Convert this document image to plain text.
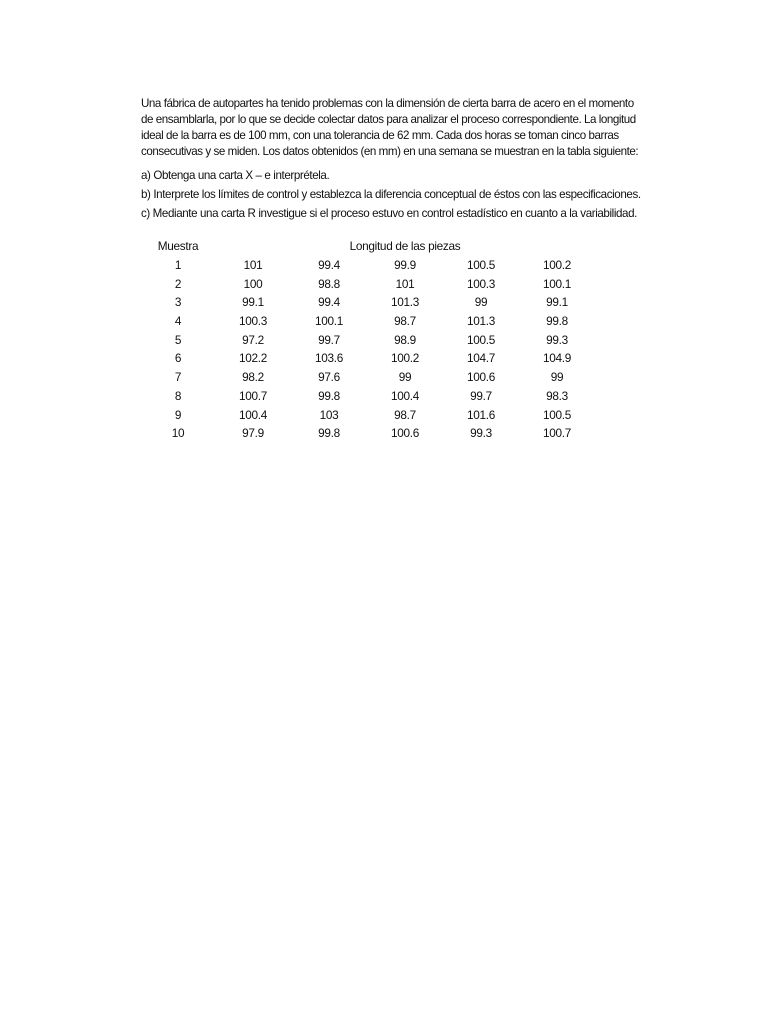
Una fábrica de autopartes ha tenido problemas con la dimensión de cierta barra de acero en el momento
de ensamblarla, por lo que se decide colectar datos para analizar el proceso correspondiente. La longitud
ideal de la barra es de 100 mm, con una tolerancia de 62 mm. Cada dos horas se toman cinco barras
consecutivas y se miden. Los datos obtenidos (en mm) en una semana se muestran en la tabla siguiente:
a) Obtenga una carta X – e interprétela.
b) Interprete los límites de control y establezca la diferencia conceptual de éstos con las especificaciones.
c) Mediante una carta R investigue si el proceso estuvo en control estadístico en cuanto a la variabilidad.
Muestra	Longitud de las piezas				
1	101	99.4	99.9	100.5	100.2
2	100	98.8	101	100.3	100.1
3	99.1	99.4	101.3	99	99.1
4	100.3	100.1	98.7	101.3	99.8
5	97.2	99.7	98.9	100.5	99.3
6	102.2	103.6	100.2	104.7	104.9
7	98.2	97.6	99	100.6	99
8	100.7	99.8	100.4	99.7	98.3
9	100.4	103	98.7	101.6	100.5
10	97.9	99.8	100.6	99.3	100.7
